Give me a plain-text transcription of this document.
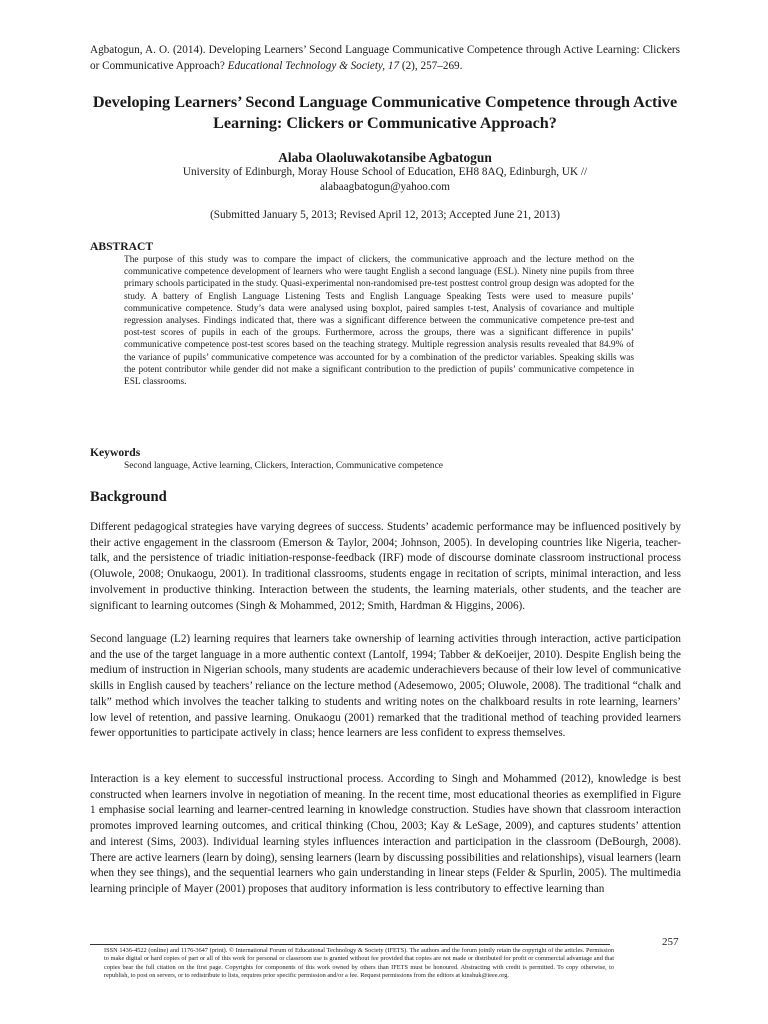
Agbatogun, A. O. (2014). Developing Learners’ Second Language Communicative Competence through Active Learning: Clickers or Communicative Approach? Educational Technology & Society, 17 (2), 257–269.
Developing Learners’ Second Language Communicative Competence through Active Learning: Clickers or Communicative Approach?
Alaba Olaoluwakotansibe Agbatogun
University of Edinburgh, Moray House School of Education, EH8 8AQ, Edinburgh, UK //
alabaagbatogun@yahoo.com
(Submitted January 5, 2013; Revised April 12, 2013; Accepted June 21, 2013)
ABSTRACT
The purpose of this study was to compare the impact of clickers, the communicative approach and the lecture method on the communicative competence development of learners who were taught English a second language (ESL). Ninety nine pupils from three primary schools participated in the study. Quasi-experimental non-randomised pre-test posttest control group design was adopted for the study. A battery of English Language Listening Tests and English Language Speaking Tests were used to measure pupils’ communicative competence. Study’s data were analysed using boxplot, paired samples t-test, Analysis of covariance and multiple regression analyses. Findings indicated that, there was a significant difference between the communicative competence pre-test and post-test scores of pupils in each of the groups. Furthermore, across the groups, there was a significant difference in pupils’ communicative competence post-test scores based on the teaching strategy. Multiple regression analysis results revealed that 84.9% of the variance of pupils’ communicative competence was accounted for by a combination of the predictor variables. Speaking skills was the potent contributor while gender did not make a significant contribution to the prediction of pupils’ communicative competence in ESL classrooms.
Keywords
Second language, Active learning, Clickers, Interaction, Communicative competence
Background
Different pedagogical strategies have varying degrees of success. Students’ academic performance may be influenced positively by their active engagement in the classroom (Emerson & Taylor, 2004; Johnson, 2005). In developing countries like Nigeria, teacher-talk, and the persistence of triadic initiation-response-feedback (IRF) mode of discourse dominate classroom instructional process (Oluwole, 2008; Onukaogu, 2001). In traditional classrooms, students engage in recitation of scripts, minimal interaction, and less involvement in productive thinking. Interaction between the students, the learning materials, other students, and the teacher are significant to learning outcomes (Singh & Mohammed, 2012; Smith, Hardman & Higgins, 2006).
Second language (L2) learning requires that learners take ownership of learning activities through interaction, active participation and the use of the target language in a more authentic context (Lantolf, 1994; Tabber & deKoeijer, 2010). Despite English being the medium of instruction in Nigerian schools, many students are academic underachievers because of their low level of communicative skills in English caused by teachers’ reliance on the lecture method (Adesemowo, 2005; Oluwole, 2008). The traditional “chalk and talk” method which involves the teacher talking to students and writing notes on the chalkboard results in rote learning, learners’ low level of retention, and passive learning. Onukaogu (2001) remarked that the traditional method of teaching provided learners fewer opportunities to participate actively in class; hence learners are less confident to express themselves.
Interaction is a key element to successful instructional process. According to Singh and Mohammed (2012), knowledge is best constructed when learners involve in negotiation of meaning. In the recent time, most educational theories as exemplified in Figure 1 emphasise social learning and learner-centred learning in knowledge construction. Studies have shown that classroom interaction promotes improved learning outcomes, and critical thinking (Chou, 2003; Kay & LeSage, 2009), and captures students’ attention and interest (Sims, 2003). Individual learning styles influences interaction and participation in the classroom (DeBourgh, 2008). There are active learners (learn by doing), sensing learners (learn by discussing possibilities and relationships), visual learners (learn when they see things), and the sequential learners who gain understanding in linear steps (Felder & Spurlin, 2005). The multimedia learning principle of Mayer (2001) proposes that auditory information is less contributory to effective learning than
257
ISSN 1436-4522 (online) and 1176-3647 (print). © International Forum of Educational Technology & Society (IFETS). The authors and the forum jointly retain the copyright of the articles. Permission to make digital or hard copies of part or all of this work for personal or classroom use is granted without fee provided that copies are not made or distributed for profit or commercial advantage and that copies bear the full citation on the first page. Copyrights for components of this work owned by others than IFETS must be honoured. Abstracting with credit is permitted. To copy otherwise, to republish, to post on servers, or to redistribute to lists, requires prior specific permission and/or a fee. Request permissions from the editors at kinshuk@ieee.org.
